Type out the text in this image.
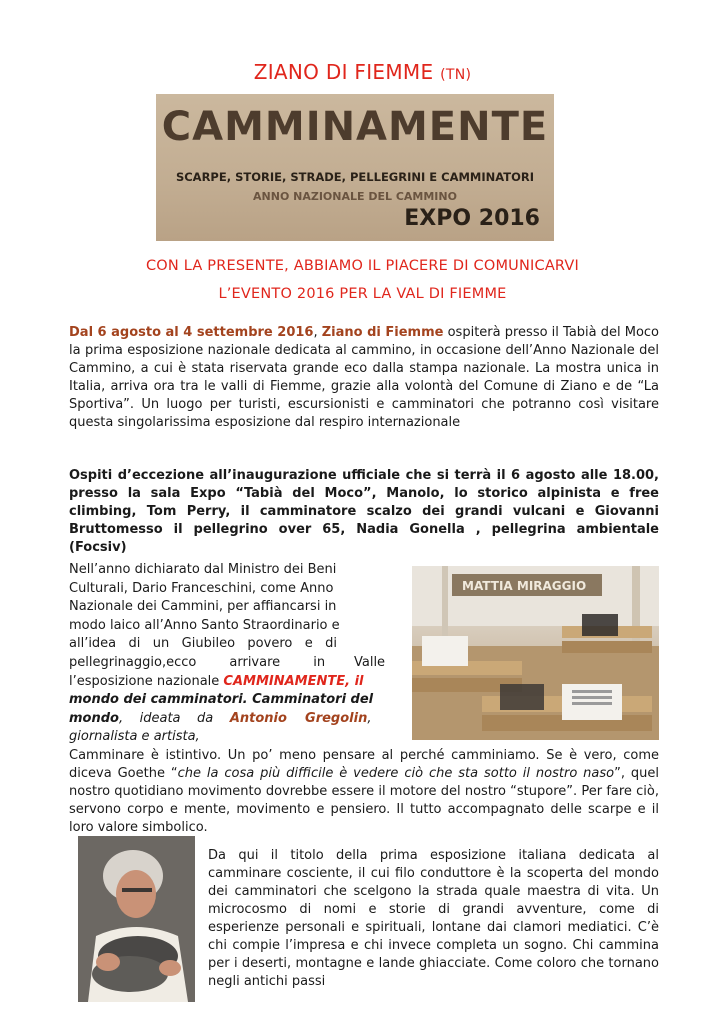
ZIANO DI FIEMME (TN)
CAMMINAMENTE
SCARPE, STORIE, STRADE, PELLEGRINI E CAMMINATORI
ANNO NAZIONALE DEL CAMMINO
EXPO 2016
CON LA PRESENTE, ABBIAMO IL PIACERE DI COMUNICARVI
L’EVENTO 2016 PER LA VAL DI FIEMME
Dal 6 agosto al 4 settembre 2016, Ziano di Fiemme ospiterà presso il Tabià del Moco la prima esposizione nazionale dedicata al cammino, in occasione dell’Anno Nazionale del Cammino, a cui è stata riservata grande eco dalla stampa nazionale. La mostra unica in Italia, arriva ora tra le valli di Fiemme, grazie alla volontà del Comune di Ziano e de “La Sportiva”. Un luogo per turisti, escursionisti e camminatori che potranno così visitare questa singolarissima esposizione dal respiro internazionale
Ospiti d’eccezione all’inaugurazione ufficiale che si terrà il 6 agosto alle 18.00, presso la sala Expo “Tabià del Moco”, Manolo, lo storico alpinista e free climbing, Tom Perry, il camminatore scalzo dei grandi vulcani e Giovanni Bruttomesso il pellegrino over 65, Nadia Gonella , pellegrina ambientale (Focsiv)
MATTIA MIRAGGIO
Nell’anno dichiarato dal Ministro dei Beni
Culturali, Dario Franceschini, come Anno
Nazionale dei Cammini, per affiancarsi in
modo laico all’Anno Santo Straordinario e
all’idea   di   un   Giubileo   povero   e   di
pellegrinaggio,ecco        arrivare        in       Valle
l’esposizione nazionale CAMMINAMENTE, il
mondo dei camminatori. Camminatori del
mondo,    ideata    da    Antonio    Gregolin,
giornalista e artista,
Camminare è istintivo. Un po’ meno pensare al perché camminiamo. Se è vero, come diceva Goethe “che la cosa più difficile è vedere ciò che sta sotto il nostro naso”, quel nostro quotidiano movimento dovrebbe essere il motore del nostro “stupore”. Per fare ciò, servono corpo e mente, movimento e pensiero. Il tutto accompagnato delle scarpe e il loro valore simbolico.
Da qui il titolo della prima esposizione italiana dedicata al camminare cosciente, il cui filo conduttore è la scoperta del mondo dei camminatori che scelgono la strada quale maestra di vita. Un microcosmo di nomi e storie di grandi avventure, come di esperienze personali e spirituali, lontane dai clamori mediatici. C’è chi compie l’impresa e chi invece completa un sogno. Chi cammina per i deserti, montagne e lande ghiacciate. Come coloro che tornano negli antichi passi
